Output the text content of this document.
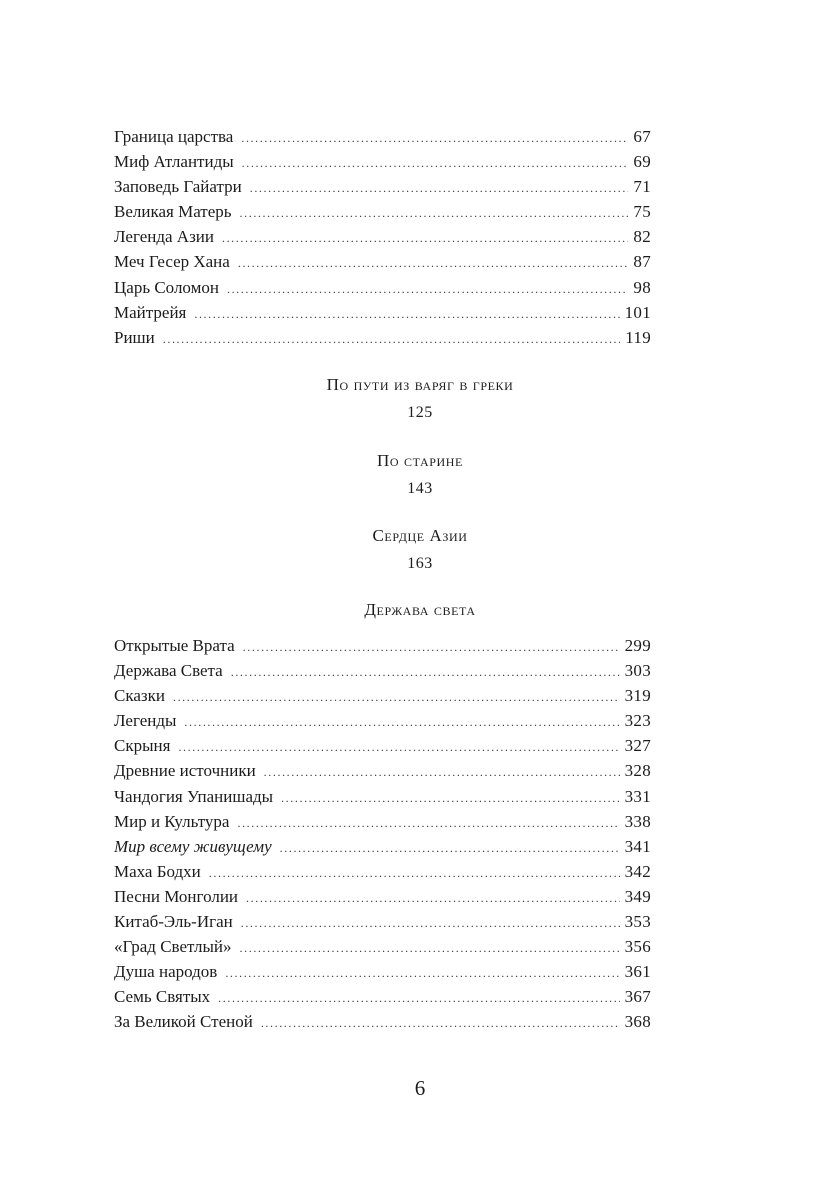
Граница царства .....	67
Миф Атлантиды .....	69
Заповедь Гайатри .....	71
Великая Матерь .....	75
Легенда Азии .....	82
Меч Гесер Хана .....	87
Царь Соломон .....	98
Майтрейя .....	101
Риши .....	119
По пути из варяг в греки
125
По старине
143
Сердце Азии
163
Держава света
Открытые Врата .....	299
Держава Света .....	303
Сказки .....	319
Легенды .....	323
Скрыня .....	327
Древние источники .....	328
Чандогия Упанишады .....	331
Мир и Культура .....	338
Мир всему живущему .....	341
Маха Бодхи .....	342
Песни Монголии .....	349
Китаб-Эль-Иган .....	353
«Град Светлый» .....	356
Душа народов .....	361
Семь Святых .....	367
За Великой Стеной .....	368
6
